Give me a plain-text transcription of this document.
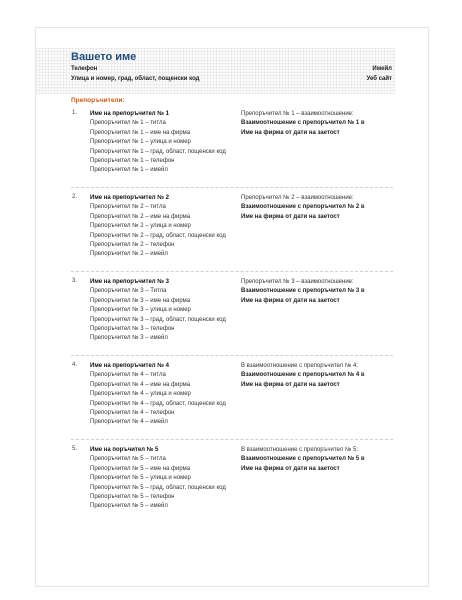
Вашето име
Телефон
Улица и номер, град, област, пощенски код
Имейл
Уеб сайт
Препоръчители:
1. Име на препоръчител № 1
Препоръчител № 1 – титла
Препоръчител № 1 – име на фирма
Препоръчител № 1 – улица и номер
Препоръчител № 1 – град, област, пощенски код
Препоръчител № 1 – телефон
Препоръчител № 1 – имейл
Препоръчител № 1 – взаимоотношение:
Взаимоотношение с препоръчител № 1 в
Име на фирма от дати на заетост
2. Име на препоръчител № 2
Препоръчител № 2 – титла
Препоръчител № 2 – име на фирма
Препоръчител № 2 – улица и номер
Препоръчител № 2 – град, област, пощенски код
Препоръчител № 2 – телефон
Препоръчител № 2 – имейл
Препоръчител № 2 – взаимоотношение:
Взаимоотношение с препоръчител № 2 в
Име на фирма от дати на заетост
3. Име на препоръчител № 3
Препоръчител № 3 – Титла
Препоръчител № 3 – име на фирма
Препоръчител № 3 – улица и номер
Препоръчител № 3 – град, област, пощенски код
Препоръчител № 3 – телефон
Препоръчител № 3 – имейл
Препоръчител № 3 – взаимоотношение:
Взаимоотношение с препоръчител № 3 в
Име на фирма от дати на заетост
4. Име на препоръчител № 4
Препоръчител № 4 – титла
Препоръчител № 4 – име на фирма
Препоръчител № 4 – улица и номер
Препоръчител № 4 – град, област, пощенски код
Препоръчител № 4 – телефон
Препоръчител № 4 – имейл
В взаимоотношение с препоръчител № 4:
Взаимоотношение с препоръчител № 4 в
Име на фирма от дати на заетост
5. Име на поръчител № 5
Препоръчител № 5 – титла
Препоръчител № 5 – име на фирма
Препоръчител № 5 – улица и номер
Препоръчител № 5 – град, област, пощенски код
Препоръчител № 5 – телефон
Препоръчител № 5 – имейл
В взаимоотношение с препоръчител № 5:
Взаимоотношение с препоръчител № 5 в
Име на фирма от дати на заетост
